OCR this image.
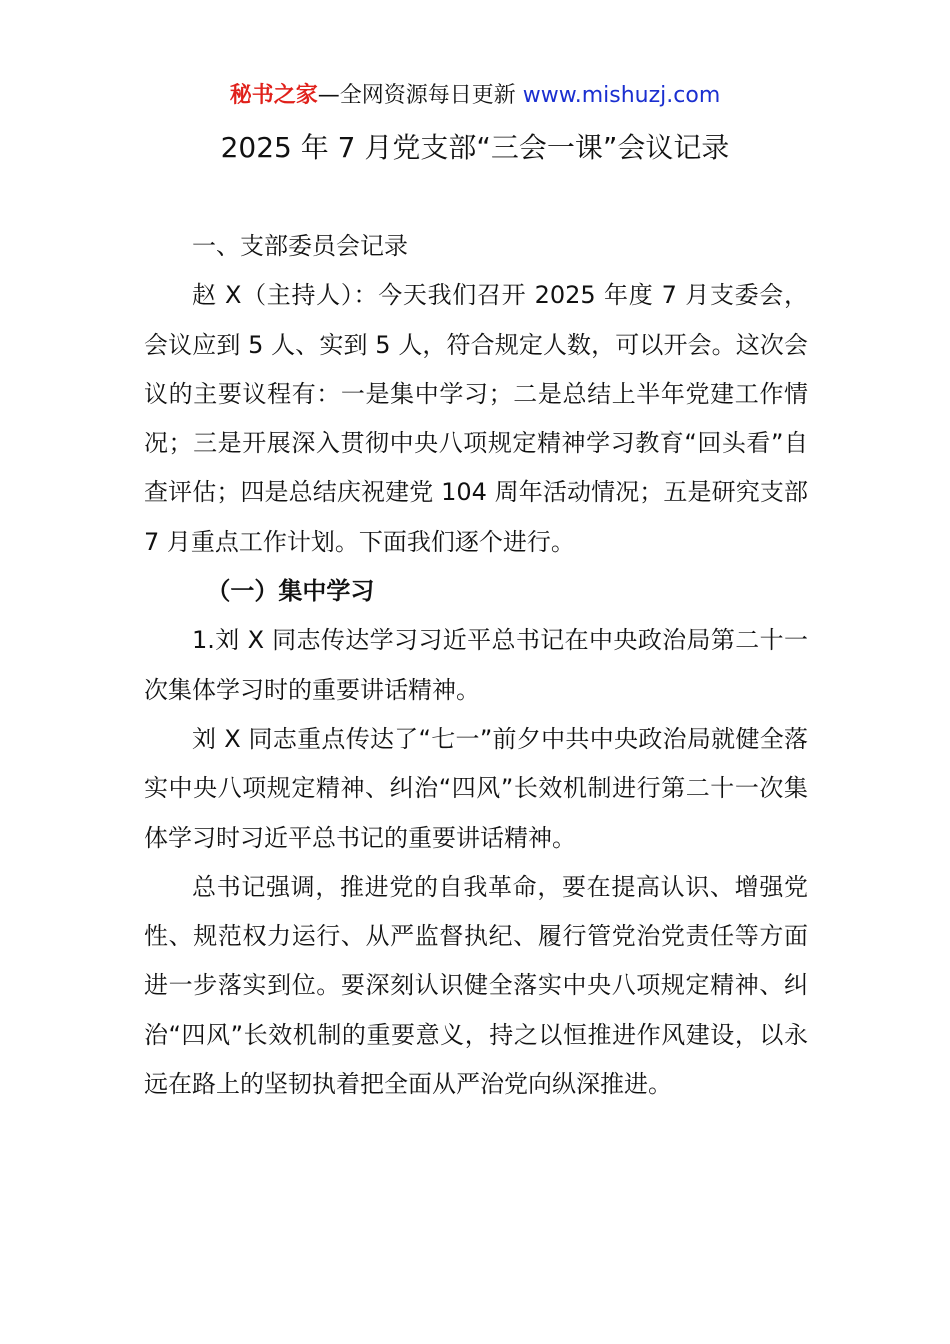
秘书之家—全网资源每日更新 www.mishuzj.com
2025 年 7 月党支部“三会一课”会议记录

一、支部委员会记录

赵 X（主持人）：今天我们召开 2025 年度 7 月支委会，会议应到 5 人、实到 5 人，符合规定人数，可以开会。这次会议的主要议程有：一是集中学习；二是总结上半年党建工作情况；三是开展深入贯彻中央八项规定精神学习教育“回头看”自查评估；四是总结庆祝建党 104 周年活动情况；五是研究支部 7 月重点工作计划。下面我们逐个进行。

（一）集中学习

1.刘 X 同志传达学习习近平总书记在中央政治局第二十一次集体学习时的重要讲话精神。

刘 X 同志重点传达了“七一”前夕中共中央政治局就健全落实中央八项规定精神、纠治“四风”长效机制进行第二十一次集体学习时习近平总书记的重要讲话精神。

总书记强调，推进党的自我革命，要在提高认识、增强党性、规范权力运行、从严监督执纪、履行管党治党责任等方面进一步落实到位。要深刻认识健全落实中央八项规定精神、纠治“四风”长效机制的重要意义，持之以恒推进作风建设，以永远在路上的坚韧执着把全面从严治党向纵深推进。
